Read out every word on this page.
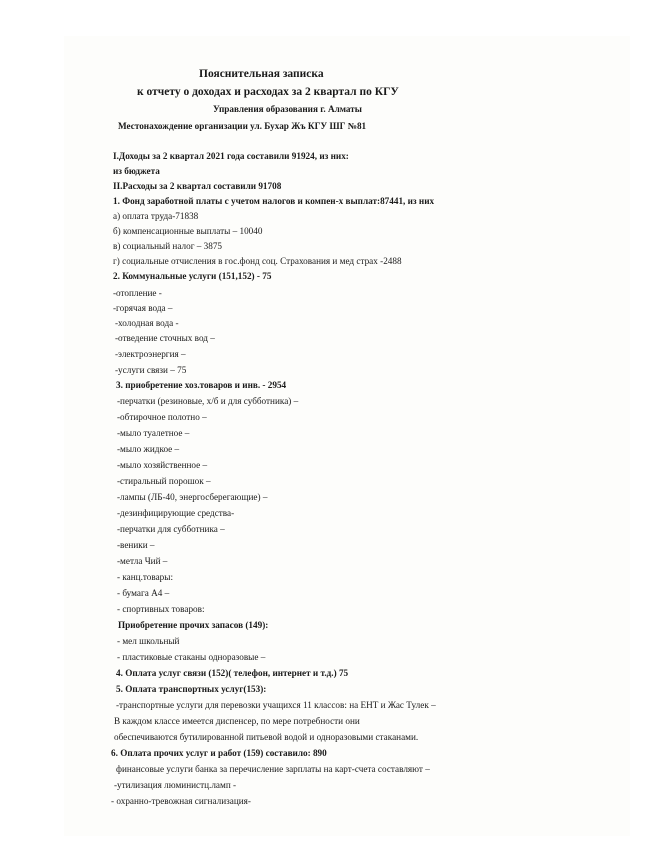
Пояснительная записка
к отчету о доходах и расходах за 2 квартал по КГУ
Управления образования г. Алматы
Местонахождение организации ул. Бухар Жъ КГУ ШГ №81
I.Доходы за 2 квартал 2021 года составили 91924, из них:
из бюджета
II.Расходы за 2 квартал составили 91708
1. Фонд заработной платы с учетом налогов и компен-х выплат:87441, из них
а) оплата труда-71838
б) компенсационные выплаты – 10040
в) социальный налог – 3875
г) социальные отчисления в гос.фонд соц. Страхования и мед страх -2488
2. Коммунальные услуги (151,152) - 75
-отопление -
-горячая вода –
-холодная вода -
-отведение сточных вод –
-электроэнергия –
-услуги связи – 75
3. приобретение хоз.товаров и инв. - 2954
-перчатки (резиновые, х/б и для субботника) –
-обтирочное полотно –
-мыло туалетное –
-мыло жидкое –
-мыло хозяйственное –
-стиральный порошок –
-лампы (ЛБ-40, энергосберегающие) –
-дезинфицирующие средства-
-перчатки для субботника –
-веники –
-метла Чий –
- канц.товары:
- бумага А4 –
- спортивных товаров:
Приобретение прочих запасов (149):
- мел школьный
- пластиковые стаканы одноразовые –
4. Оплата услуг связи (152)( телефон, интернет и т.д.) 75
5. Оплата транспортных услуг(153):
-транспортные услуги для перевозки учащихся 11 классов: на ЕНТ и Жас Тулек –
В каждом классе имеется диспенсер, по мере потребности они
обеспечиваются бутилированной питьевой водой и одноразовыми стаканами.
6. Оплата прочих услуг и работ (159) составило: 890
финансовые услуги банка за перечисление зарплаты на карт-счета составляют –
-утилизация люминистц.ламп -
- охранно-тревожная сигнализация-
